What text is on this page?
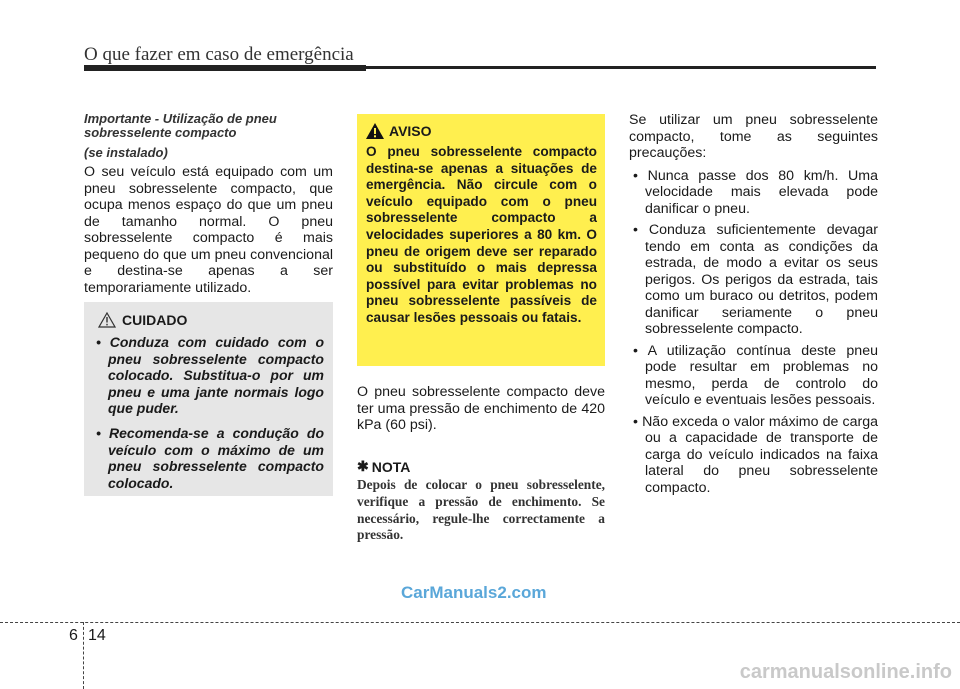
O que fazer em caso de emergência

Importante - Utilização de pneu sobresselente compacto

(se instalado)

O seu veículo está equipado com um pneu sobresselente compacto, que ocupa menos espaço do que um pneu de tamanho normal. O pneu sobresselente compacto é mais pequeno do que um pneu convencional e destina-se apenas a ser temporariamente utilizado.

CUIDADO
• Conduza com cuidado com o pneu sobresselente compacto colocado. Substitua-o por um pneu e uma jante normais logo que puder.
• Recomenda-se a condução do veículo com o máximo de um pneu sobresselente compacto colocado.
AVISO
O pneu sobresselente compacto destina-se apenas a situações de emergência. Não circule com o veículo equipado com o pneu sobresselente compacto a velocidades superiores a 80 km. O pneu de origem deve ser reparado ou substituído o mais depressa possível para evitar problemas no pneu sobresselente passíveis de causar lesões pessoais ou fatais.

O pneu sobresselente compacto deve ter uma pressão de enchimento de 420 kPa (60 psi).

✱ NOTA
Depois de colocar o pneu sobresselente, verifique a pressão de enchimento. Se necessário, regule-lhe correctamente a pressão.

Se utilizar um pneu sobresselente compacto, tome as seguintes precauções:

• Nunca passe dos 80 km/h. Uma velocidade mais elevada pode danificar o pneu.
• Conduza suficientemente devagar tendo em conta as condições da estrada, de modo a evitar os seus perigos. Os perigos da estrada, tais como um buraco ou detritos, podem danificar seriamente o pneu sobresselente compacto.
• A utilização contínua deste pneu pode resultar em problemas no mesmo, perda de controlo do veículo e eventuais lesões pessoais.
• Não exceda o valor máximo de carga ou a capacidade de transporte de carga do veículo indicados na faixa lateral do pneu sobresselente compacto.
CarManuals2.com
6 14
carmanualsonline.info
